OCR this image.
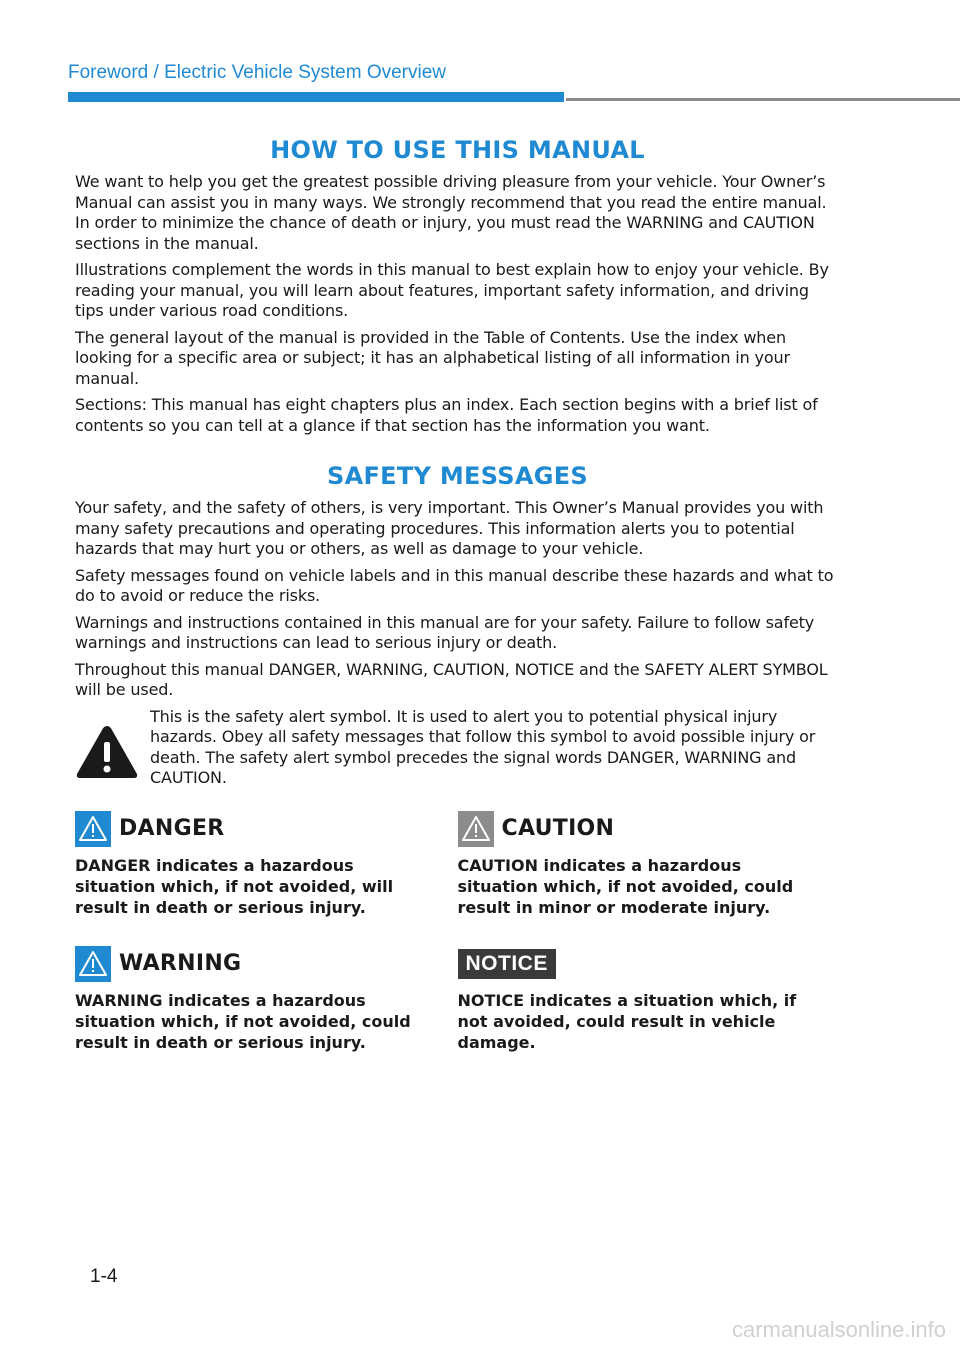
Foreword / Electric Vehicle System Overview
HOW TO USE THIS MANUAL

We want to help you get the greatest possible driving pleasure from your vehicle. Your Owner’s Manual can assist you in many ways. We strongly recommend that you read the entire manual. In order to minimize the chance of death or injury, you must read the WARNING and CAUTION sections in the manual.

Illustrations complement the words in this manual to best explain how to enjoy your vehicle. By reading your manual, you will learn about features, important safety information, and driving tips under various road conditions.

The general layout of the manual is provided in the Table of Contents. Use the index when looking for a specific area or subject; it has an alphabetical listing of all information in your manual.

Sections: This manual has eight chapters plus an index. Each section begins with a brief list of contents so you can tell at a glance if that section has the information you want.

SAFETY MESSAGES

Your safety, and the safety of others, is very important. This Owner’s Manual provides you with many safety precautions and operating procedures. This information alerts you to potential hazards that may hurt you or others, as well as damage to your vehicle.

Safety messages found on vehicle labels and in this manual describe these hazards and what to do to avoid or reduce the risks.

Warnings and instructions contained in this manual are for your safety. Failure to follow safety warnings and instructions can lead to serious injury or death.

Throughout this manual DANGER, WARNING, CAUTION, NOTICE and the SAFETY ALERT SYMBOL will be used.

This is the safety alert symbol. It is used to alert you to potential physical injury hazards. Obey all safety messages that follow this symbol to avoid possible injury or death. The safety alert symbol precedes the signal words DANGER, WARNING and CAUTION.

DANGER
DANGER indicates a hazardous situation which, if not avoided, will result in death or serious injury.
WARNING
WARNING indicates a hazardous situation which, if not avoided, could result in death or serious injury.
CAUTION
CAUTION indicates a hazardous situation which, if not avoided, could result in minor or moderate injury.
NOTICE
NOTICE indicates a situation which, if not avoided, could result in vehicle damage.
1-4
carmanualsonline.info
